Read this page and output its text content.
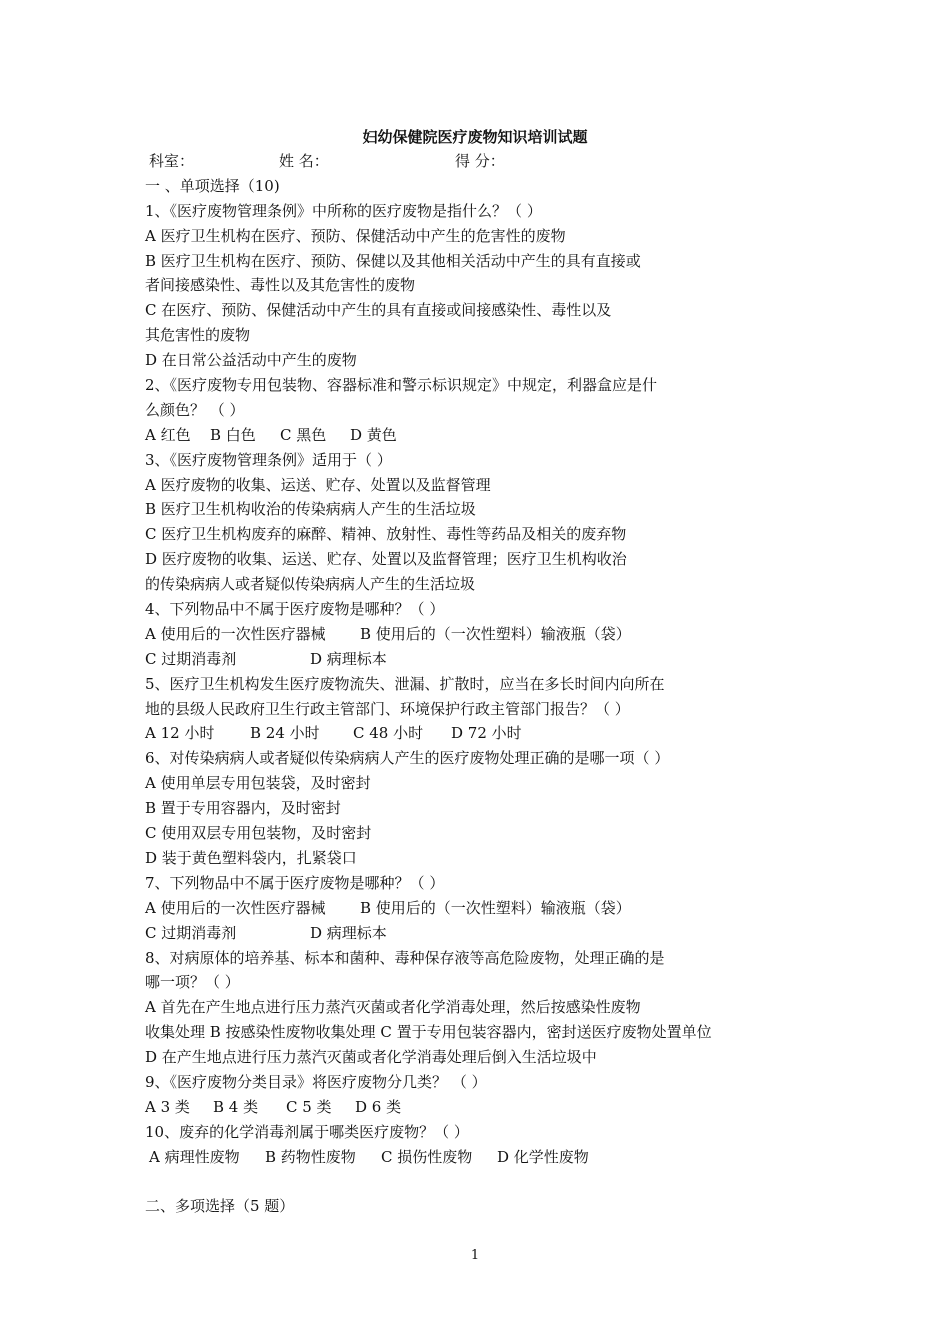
妇幼保健院医疗废物知识培训试题
科室：	姓 名：	得 分：
一 、单项选择（10)
1、《医疗废物管理条例》中所称的医疗废物是指什么？（ ）
A 医疗卫生机构在医疗、预防、保健活动中产生的危害性的废物
B 医疗卫生机构在医疗、预防、保健以及其他相关活动中产生的具有直接或
者间接感染性、毒性以及其危害性的废物
C 在医疗、预防、保健活动中产生的具有直接或间接感染性、毒性以及
其危害性的废物
D 在日常公益活动中产生的废物
2、《医疗废物专用包装物、容器标准和警示标识规定》中规定，利器盒应是什
么颜色？ （ ）
A 红色 B 白色 C 黑色 D 黄色
3、《医疗废物管理条例》适用于（ ）
A 医疗废物的收集、运送、贮存、处置以及监督管理
B 医疗卫生机构收治的传染病病人产生的生活垃圾
C 医疗卫生机构废弃的麻醉、精神、放射性、毒性等药品及相关的废弃物
D 医疗废物的收集、运送、贮存、处置以及监督管理；医疗卫生机构收治
的传染病病人或者疑似传染病病人产生的生活垃圾
4、下列物品中不属于医疗废物是哪种？（ ）
A 使用后的一次性医疗器械 B 使用后的（一次性塑料）输液瓶（袋）
C 过期消毒剂	D 病理标本
5、医疗卫生机构发生医疗废物流失、泄漏、扩散时，应当在多长时间内向所在
地的县级人民政府卫生行政主管部门、环境保护行政主管部门报告？（ ）
A 12 小时 B 24 小时 C 48 小时 D 72 小时
6、对传染病病人或者疑似传染病病人产生的医疗废物处理正确的是哪一项（ ）
A 使用单层专用包装袋，及时密封
B 置于专用容器内，及时密封
C 使用双层专用包装物，及时密封
D 装于黄色塑料袋内，扎紧袋口
7、下列物品中不属于医疗废物是哪种？（ ）
A 使用后的一次性医疗器械 B 使用后的（一次性塑料）输液瓶（袋）
C 过期消毒剂	D 病理标本
8、对病原体的培养基、标本和菌种、毒种保存液等高危险废物，处理正确的是
哪一项？（ ）
A 首先在产生地点进行压力蒸汽灭菌或者化学消毒处理，然后按感染性废物
收集处理 B 按感染性废物收集处理 C 置于专用包装容器内，密封送医疗废物处置单位
D 在产生地点进行压力蒸汽灭菌或者化学消毒处理后倒入生活垃圾中
9、《医疗废物分类目录》将医疗废物分几类？ （ ）
A 3 类 B 4 类 C 5 类 D 6 类
10、废弃的化学消毒剂属于哪类医疗废物？（ ）
A 病理性废物 B 药物性废物 C 损伤性废物 D 化学性废物
二、多项选择（5 题）
1
